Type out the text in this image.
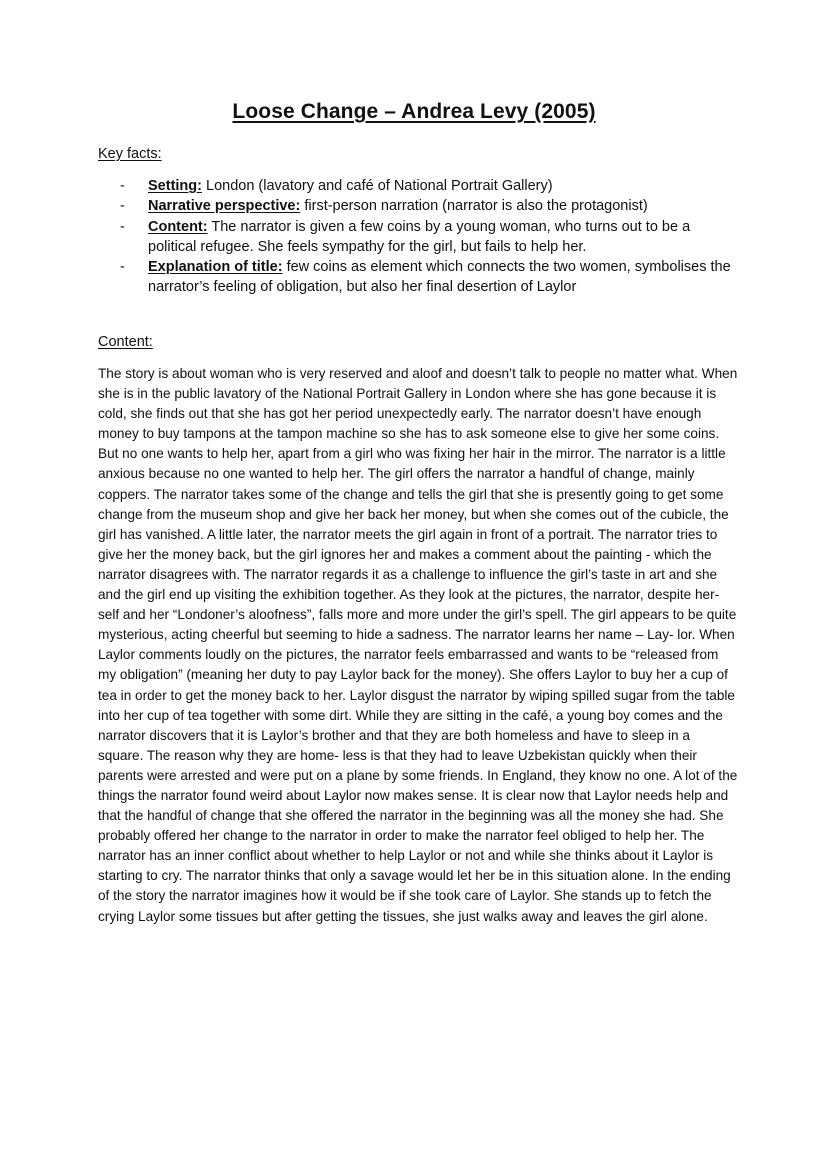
Loose Change – Andrea Levy (2005)

Key facts:

- Setting: London (lavatory and café of National Portrait Gallery)
- Narrative perspective: first-person narration (narrator is also the protagonist)
- Content: The narrator is given a few coins by a young woman, who turns out to be a political refugee. She feels sympathy for the girl, but fails to help her.
- Explanation of title: few coins as element which connects the two women, symbolises the narrator’s feeling of obligation, but also her final desertion of Laylor

Content:

The story is about woman who is very reserved and aloof and doesn’t talk to people no matter what. When she is in the public lavatory of the National Portrait Gallery in London where she has gone because it is cold, she finds out that she has got her period unexpectedly early. The narrator doesn’t have enough money to buy tampons at the tampon machine so she has to ask someone else to give her some coins. But no one wants to help her, apart from a girl who was fixing her hair in the mirror. The narrator is a little anxious because no one wanted to help her. The girl offers the narrator a handful of change, mainly coppers. The narrator takes some of the change and tells the girl that she is presently going to get some change from the museum shop and give her back her money, but when she comes out of the cubicle, the girl has vanished. A little later, the narrator meets the girl again in front of a portrait. The narrator tries to give her the money back, but the girl ignores her and makes a comment about the painting - which the narrator disagrees with. The narrator regards it as a challenge to influence the girl’s taste in art and she and the girl end up visiting the exhibition together. As they look at the pictures, the narrator, despite her- self and her “Londoner’s aloofness”, falls more and more under the girl’s spell. The girl appears to be quite mysterious, acting cheerful but seeming to hide a sadness. The narrator learns her name – Lay- lor. When Laylor comments loudly on the pictures, the narrator feels embarrassed and wants to be “released from my obligation” (meaning her duty to pay Laylor back for the money). She offers Laylor to buy her a cup of tea in order to get the money back to her. Laylor disgust the narrator by wiping spilled sugar from the table into her cup of tea together with some dirt. While they are sitting in the café, a young boy comes and the narrator discovers that it is Laylor’s brother and that they are both homeless and have to sleep in a square. The reason why they are home- less is that they had to leave Uzbekistan quickly when their parents were arrested and were put on a plane by some friends. In England, they know no one. A lot of the things the narrator found weird about Laylor now makes sense. It is clear now that Laylor needs help and that the handful of change that she offered the narrator in the beginning was all the money she had. She probably offered her change to the narrator in order to make the narrator feel obliged to help her. The narrator has an inner conflict about whether to help Laylor or not and while she thinks about it Laylor is starting to cry. The narrator thinks that only a savage would let her be in this situation alone. In the ending of the story the narrator imagines how it would be if she took care of Laylor. She stands up to fetch the crying Laylor some tissues but after getting the tissues, she just walks away and leaves the girl alone.
